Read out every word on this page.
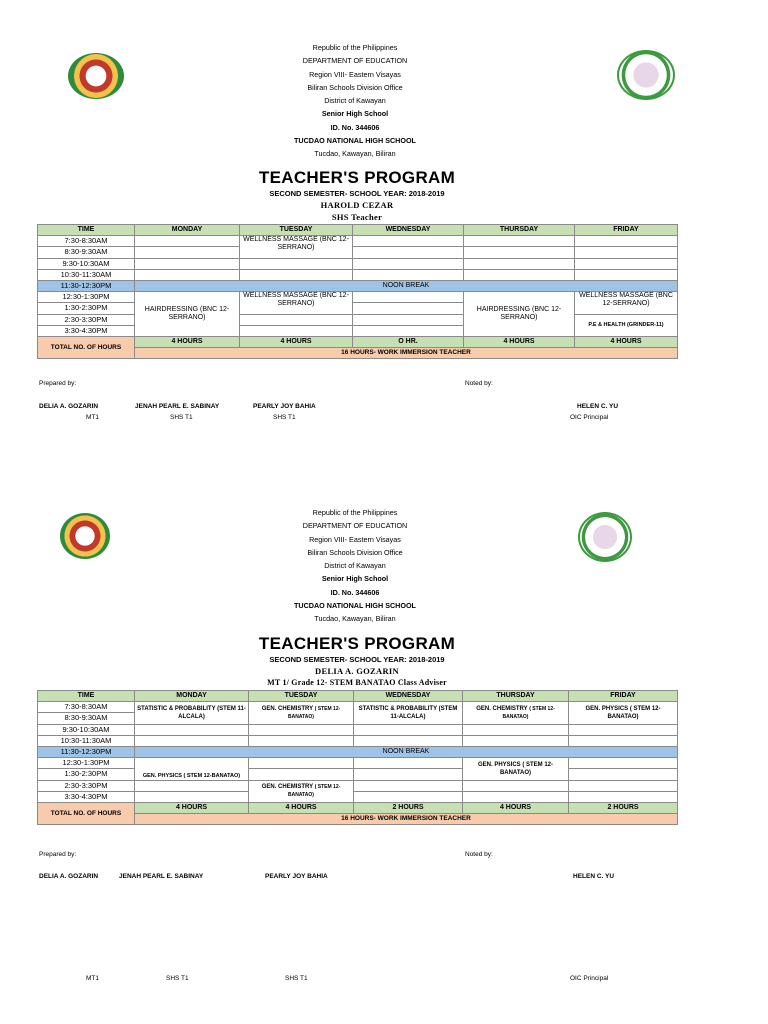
Republic of the Philippines
DEPARTMENT OF EDUCATION
Region VIII- Eastern Visayas
Biliran Schools Division Office
District of Kawayan
Senior High School
ID. No. 344606
TUCDAO NATIONAL HIGH SCHOOL
Tucdao, Kawayan, Biliran
TEACHER'S PROGRAM
SECOND SEMESTER- SCHOOL YEAR: 2018-2019
HAROLD CEZAR
SHS Teacher
TIME	MONDAY	TUESDAY	WEDNESDAY	THURSDAY	FRIDAY
7:30-8:30AM		WELLNESS MASSAGE (BNC 12-SERRANO)			
8:30-9:30AM					
9:30-10:30AM					
10:30-11:30AM					
11:30-12:30PM	NOON BREAK				
12:30-1:30PM	HAIRDRESSING (BNC 12-SERRANO)	WELLNESS MASSAGE (BNC 12-SERRANO)		HAIRDRESSING (BNC 12-SERRANO)	WELLNESS MASSAGE (BNC 12-SERRANO)
1:30-2:30PM					
2:30-3:30PM					P.E & HEALTH (GRINDER-11)
3:30-4:30PM					
TOTAL NO. OF HOURS	4 HOURS	4 HOURS	O HR.	4 HOURS	4 HOURS
	16 HOURS- WORK IMMERSION TEACHER				
Prepared by:	Noted by:
DELIA A. GOZARIN	JENAH PEARL E. SABINAY	PEARLY JOY BAHIA	HELEN C. YU
MT1	SHS T1	SHS T1	OIC Principal
Republic of the Philippines
DEPARTMENT OF EDUCATION
Region VIII- Eastern Visayas
Biliran Schools Division Office
District of Kawayan
Senior High School
ID. No. 344606
TUCDAO NATIONAL HIGH SCHOOL
Tucdao, Kawayan, Biliran
TEACHER'S PROGRAM
SECOND SEMESTER- SCHOOL YEAR: 2018-2019
DELIA A. GOZARIN
MT 1/ Grade 12- STEM BANATAO Class Adviser
TIME	MONDAY	TUESDAY	WEDNESDAY	THURSDAY	FRIDAY
7:30-8:30AM	STATISTIC & PROBABILITY (STEM 11-ALCALA)	GEN. CHEMISTRY ( STEM 12-BANATAO)	STATISTIC & PROBABILITY (STEM 11-ALCALA)	GEN. CHEMISTRY ( STEM 12-BANATAO)	GEN. PHYSICS ( STEM 12-BANATAO)
8:30-9:30AM					
9:30-10:30AM					
10:30-11:30AM					
11:30-12:30PM	NOON BREAK				
12:30-1:30PM	GEN. PHYSICS ( STEM 12-BANATAO)			GEN. PHYSICS ( STEM 12-BANATAO)	
1:30-2:30PM					
2:30-3:30PM		GEN. CHEMISTRY ( STEM 12-BANATAO)			
3:30-4:30PM					
TOTAL NO. OF HOURS	4 HOURS	4 HOURS	2 HOURS	4 HOURS	2 HOURS
	16 HOURS- WORK IMMERSION TEACHER				
Prepared by:	Noted by:
DELIA A. GOZARIN	JENAH PEARL E. SABINAY	PEARLY JOY BAHIA	HELEN C. YU
MT1	SHS T1	SHS T1	OIC Principal
